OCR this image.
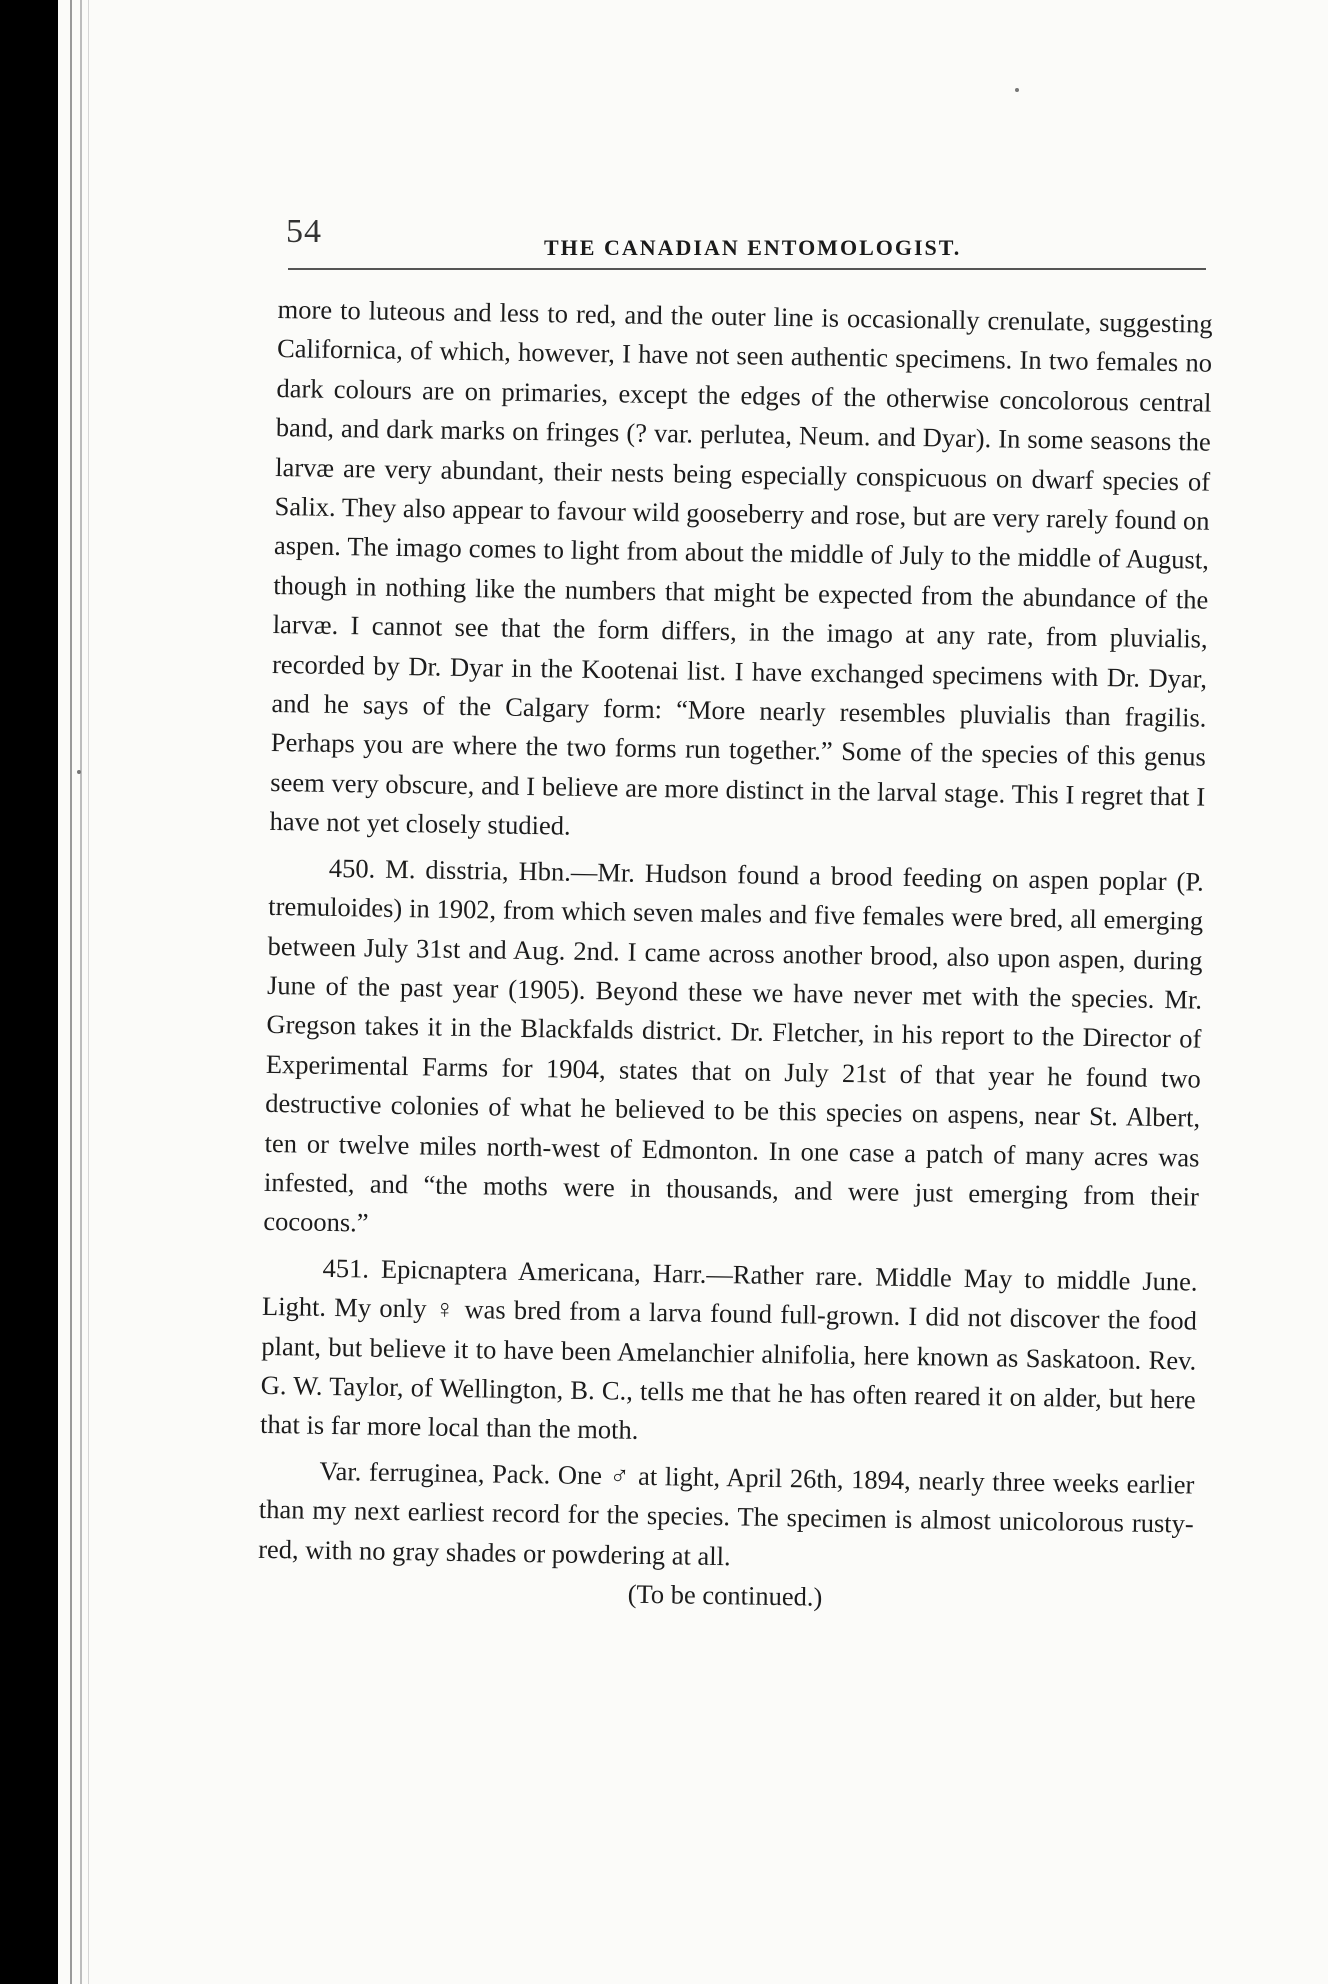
54	THE CANADIAN ENTOMOLOGIST.

more to luteous and less to red, and the outer line is occasionally crenulate, suggesting Californica, of which, however, I have not seen authentic specimens. In two females no dark colours are on primaries, except the edges of the otherwise concolorous central band, and dark marks on fringes (? var. perlutea, Neum. and Dyar). In some seasons the larvæ are very abundant, their nests being especially conspicuous on dwarf species of Salix. They also appear to favour wild gooseberry and rose, but are very rarely found on aspen. The imago comes to light from about the middle of July to the middle of August, though in nothing like the numbers that might be expected from the abundance of the larvæ. I cannot see that the form differs, in the imago at any rate, from pluvialis, recorded by Dr. Dyar in the Kootenai list. I have exchanged specimens with Dr. Dyar, and he says of the Calgary form: “More nearly resembles pluvialis than fragilis. Perhaps you are where the two forms run together.” Some of the species of this genus seem very obscure, and I believe are more distinct in the larval stage. This I regret that I have not yet closely studied.

450. M. disstria, Hbn.—Mr. Hudson found a brood feeding on aspen poplar (P. tremuloides) in 1902, from which seven males and five females were bred, all emerging between July 31st and Aug. 2nd. I came across another brood, also upon aspen, during June of the past year (1905). Beyond these we have never met with the species. Mr. Gregson takes it in the Blackfalds district. Dr. Fletcher, in his report to the Director of Experimental Farms for 1904, states that on July 21st of that year he found two destructive colonies of what he believed to be this species on aspens, near St. Albert, ten or twelve miles north-west of Edmonton. In one case a patch of many acres was infested, and “the moths were in thousands, and were just emerging from their cocoons.”

451. Epicnaptera Americana, Harr.—Rather rare. Middle May to middle June. Light. My only ♀ was bred from a larva found full-grown. I did not discover the food plant, but believe it to have been Amelanchier alnifolia, here known as Saskatoon. Rev. G. W. Taylor, of Wellington, B. C., tells me that he has often reared it on alder, but here that is far more local than the moth.

Var. ferruginea, Pack. One ♂ at light, April 26th, 1894, nearly three weeks earlier than my next earliest record for the species. The specimen is almost unicolorous rusty-red, with no gray shades or powdering at all.

(To be continued.)
